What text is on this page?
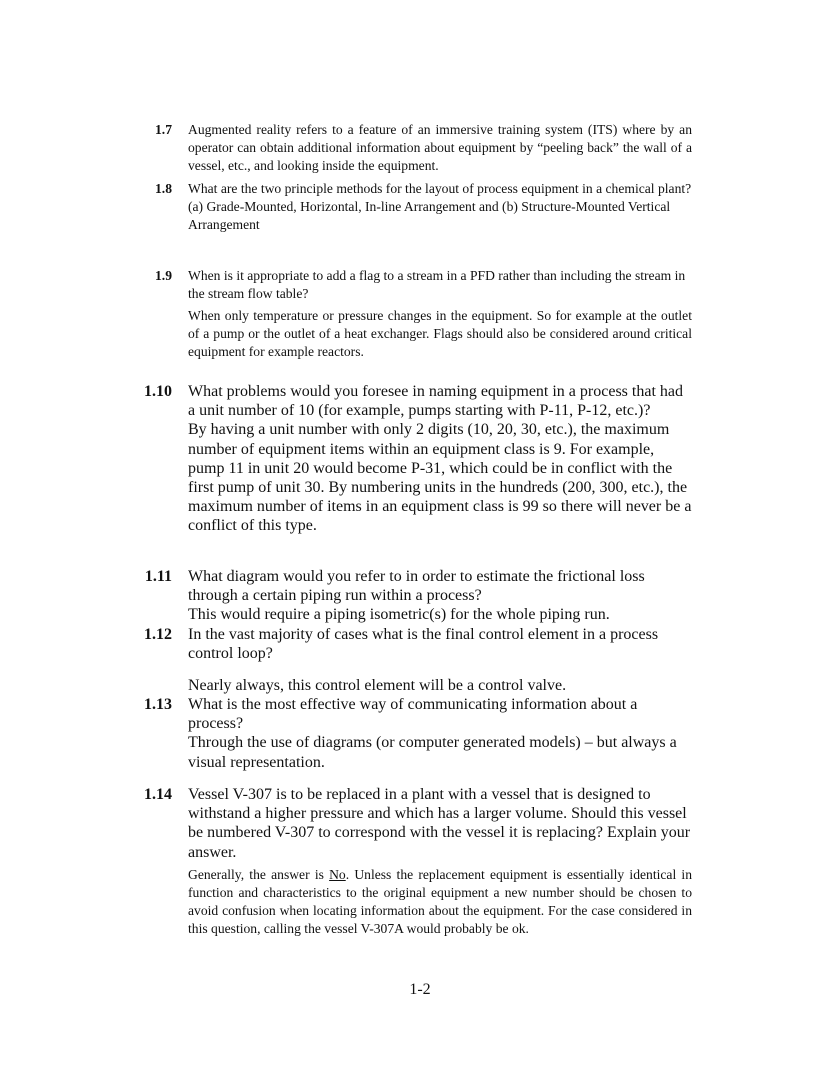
1.7 Augmented reality refers to a feature of an immersive training system (ITS) where by an operator can obtain additional information about equipment by “peeling back” the wall of a vessel, etc., and looking inside the equipment.

1.8 What are the two principle methods for the layout of process equipment in a chemical plant?

(a) Grade-Mounted, Horizontal, In-line Arrangement and (b) Structure-Mounted Vertical Arrangement

1.9 When is it appropriate to add a flag to a stream in a PFD rather than including the stream in the stream flow table?

When only temperature or pressure changes in the equipment. So for example at the outlet of a pump or the outlet of a heat exchanger. Flags should also be considered around critical equipment for example reactors.

1.10 What problems would you foresee in naming equipment in a process that had a unit number of 10 (for example, pumps starting with P-11, P-12, etc.)?

By having a unit number with only 2 digits (10, 20, 30, etc.), the maximum number of equipment items within an equipment class is 9. For example, pump 11 in unit 20 would become P-31, which could be in conflict with the first pump of unit 30. By numbering units in the hundreds (200, 300, etc.), the maximum number of items in an equipment class is 99 so there will never be a conflict of this type.

1.11 What diagram would you refer to in order to estimate the frictional loss through a certain piping run within a process?

This would require a piping isometric(s) for the whole piping run.

1.12 In the vast majority of cases what is the final control element in a process control loop?

Nearly always, this control element will be a control valve.

1.13 What is the most effective way of communicating information about a process?

Through the use of diagrams (or computer generated models) – but always a visual representation.

1.14 Vessel V-307 is to be replaced in a plant with a vessel that is designed to withstand a higher pressure and which has a larger volume. Should this vessel be numbered V-307 to correspond with the vessel it is replacing? Explain your answer.

Generally, the answer is No. Unless the replacement equipment is essentially identical in function and characteristics to the original equipment a new number should be chosen to avoid confusion when locating information about the equipment. For the case considered in this question, calling the vessel V-307A would probably be ok.

1-2
